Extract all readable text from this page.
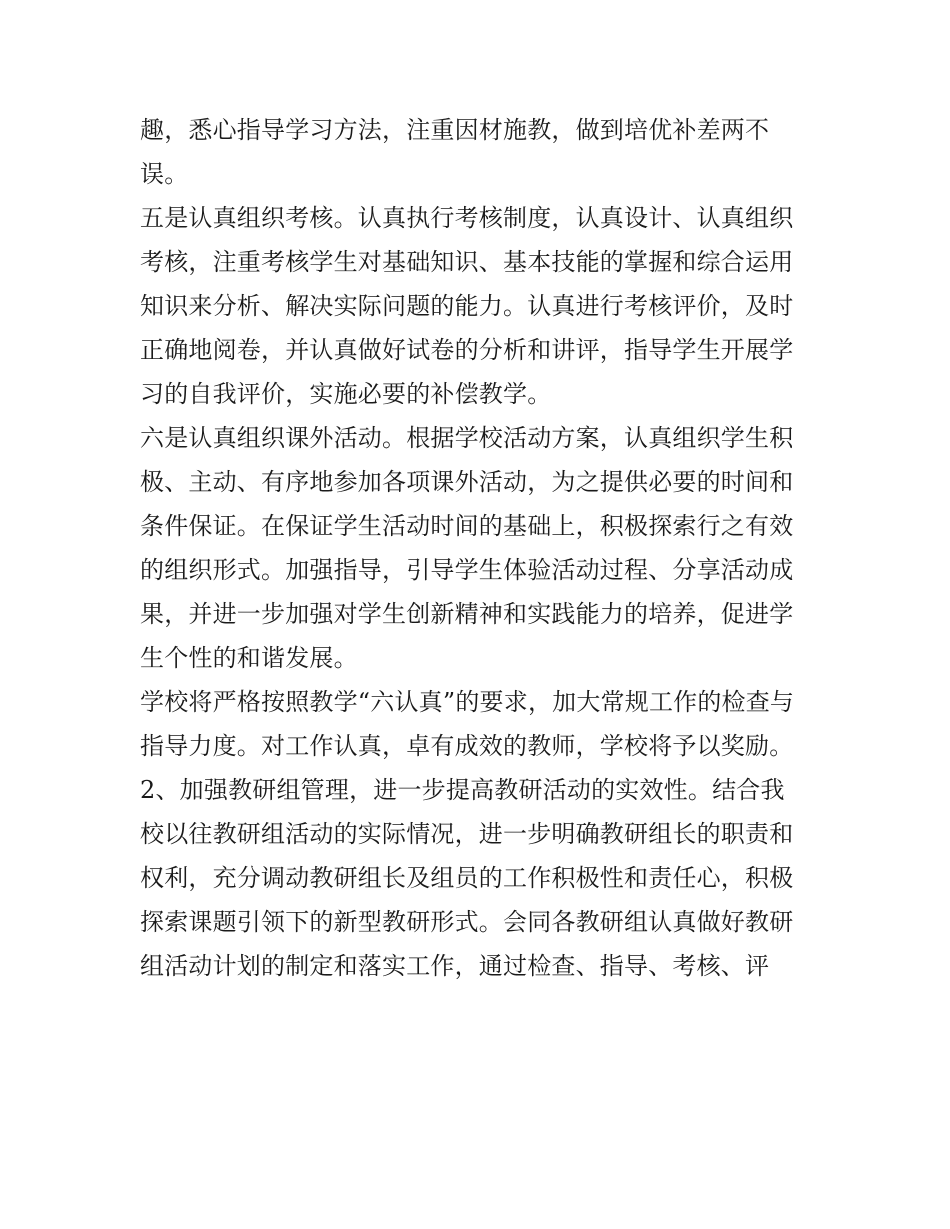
趣，悉心指导学习方法，注重因材施教，做到培优补差两不
误。
五是认真组织考核。认真执行考核制度，认真设计、认真组织
考核，注重考核学生对基础知识、基本技能的掌握和综合运用
知识来分析、解决实际问题的能力。认真进行考核评价，及时
正确地阅卷，并认真做好试卷的分析和讲评，指导学生开展学
习的自我评价，实施必要的补偿教学。
六是认真组织课外活动。根据学校活动方案，认真组织学生积
极、主动、有序地参加各项课外活动，为之提供必要的时间和
条件保证。在保证学生活动时间的基础上，积极探索行之有效
的组织形式。加强指导，引导学生体验活动过程、分享活动成
果，并进一步加强对学生创新精神和实践能力的培养，促进学
生个性的和谐发展。
学校将严格按照教学“六认真”的要求，加大常规工作的检查与
指导力度。对工作认真，卓有成效的教师，学校将予以奖励。
2、加强教研组管理，进一步提高教研活动的实效性。结合我
校以往教研组活动的实际情况，进一步明确教研组长的职责和
权利，充分调动教研组长及组员的工作积极性和责任心，积极
探索课题引领下的新型教研形式。会同各教研组认真做好教研
组活动计划的制定和落实工作，通过检查、指导、考核、评
